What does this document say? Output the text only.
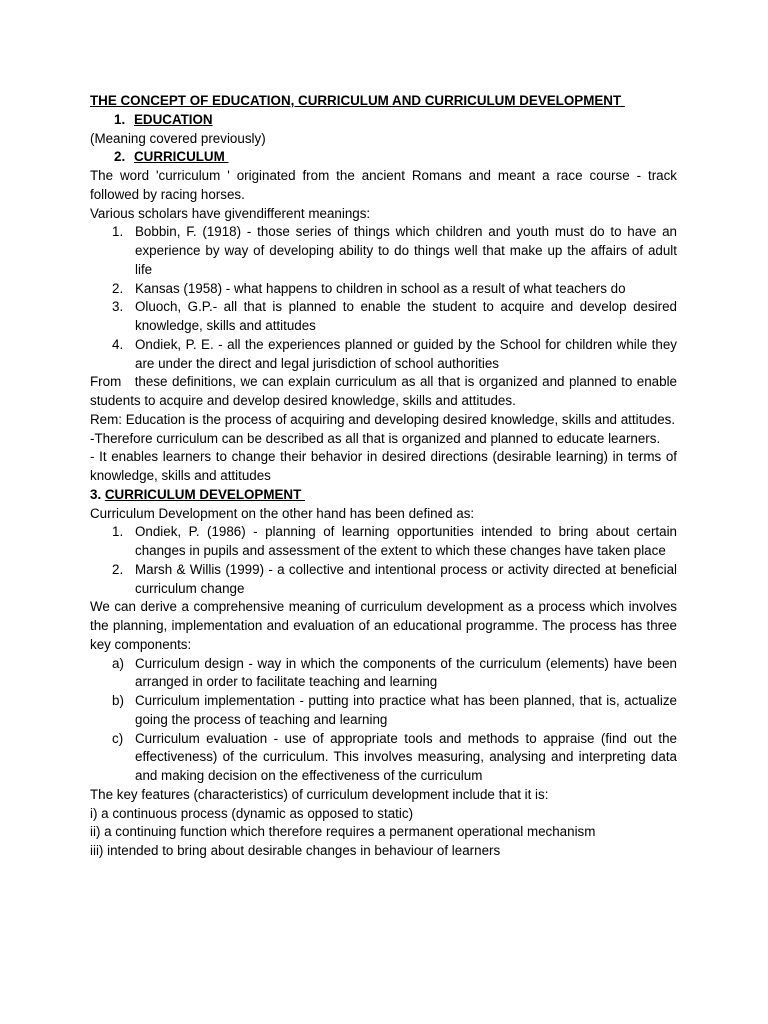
THE CONCEPT OF EDUCATION, CURRICULUM AND CURRICULUM DEVELOPMENT
1. EDUCATION

(Meaning covered previously)

2. CURRICULUM

The word 'curriculum ' originated from the ancient Romans and meant a race course - track followed by racing horses.

Various scholars have givendifferent meanings:

1. Bobbin, F. (1918) - those series of things which children and youth must do to have an experience by way of developing ability to do things well that make up the affairs of adult life
2. Kansas (1958) - what happens to children in school as a result of what teachers do
3. Oluoch, G.P.- all that is planned to enable the student to acquire and develop desired knowledge, skills and attitudes
4. Ondiek, P. E. - all the experiences planned or guided by the School for children while they are under the direct and legal jurisdiction of school authorities

From   these definitions, we can explain curriculum as all that is organized and planned to enable students to acquire and develop desired knowledge, skills and attitudes.

Rem: Education is the process of acquiring and developing desired knowledge, skills and attitudes.

-Therefore curriculum can be described as all that is organized and planned to educate learners.

- It enables learners to change their behavior in desired directions (desirable learning) in terms of knowledge, skills and attitudes

3. CURRICULUM DEVELOPMENT

Curriculum Development on the other hand has been defined as:

1. Ondiek, P. (1986) - planning of learning opportunities intended to bring about certain changes in pupils and assessment of the extent to which these changes have taken place
2. Marsh & Willis (1999) - a collective and intentional process or activity directed at beneficial curriculum change

We can derive a comprehensive meaning of curriculum development as a process which involves the planning, implementation and evaluation of an educational programme. The process has three key components:

a) Curriculum design - way in which the components of the curriculum (elements) have been arranged in order to facilitate teaching and learning
b) Curriculum implementation - putting into practice what has been planned, that is, actualize going the process of teaching and learning
c) Curriculum evaluation - use of appropriate tools and methods to appraise (find out the effectiveness) of the curriculum. This involves measuring, analysing and interpreting data and making decision on the effectiveness of the curriculum

The key features (characteristics) of curriculum development include that it is:

i) a continuous process (dynamic as opposed to static)

ii) a continuing function which therefore requires a permanent operational mechanism

iii) intended to bring about desirable changes in behaviour of learners
